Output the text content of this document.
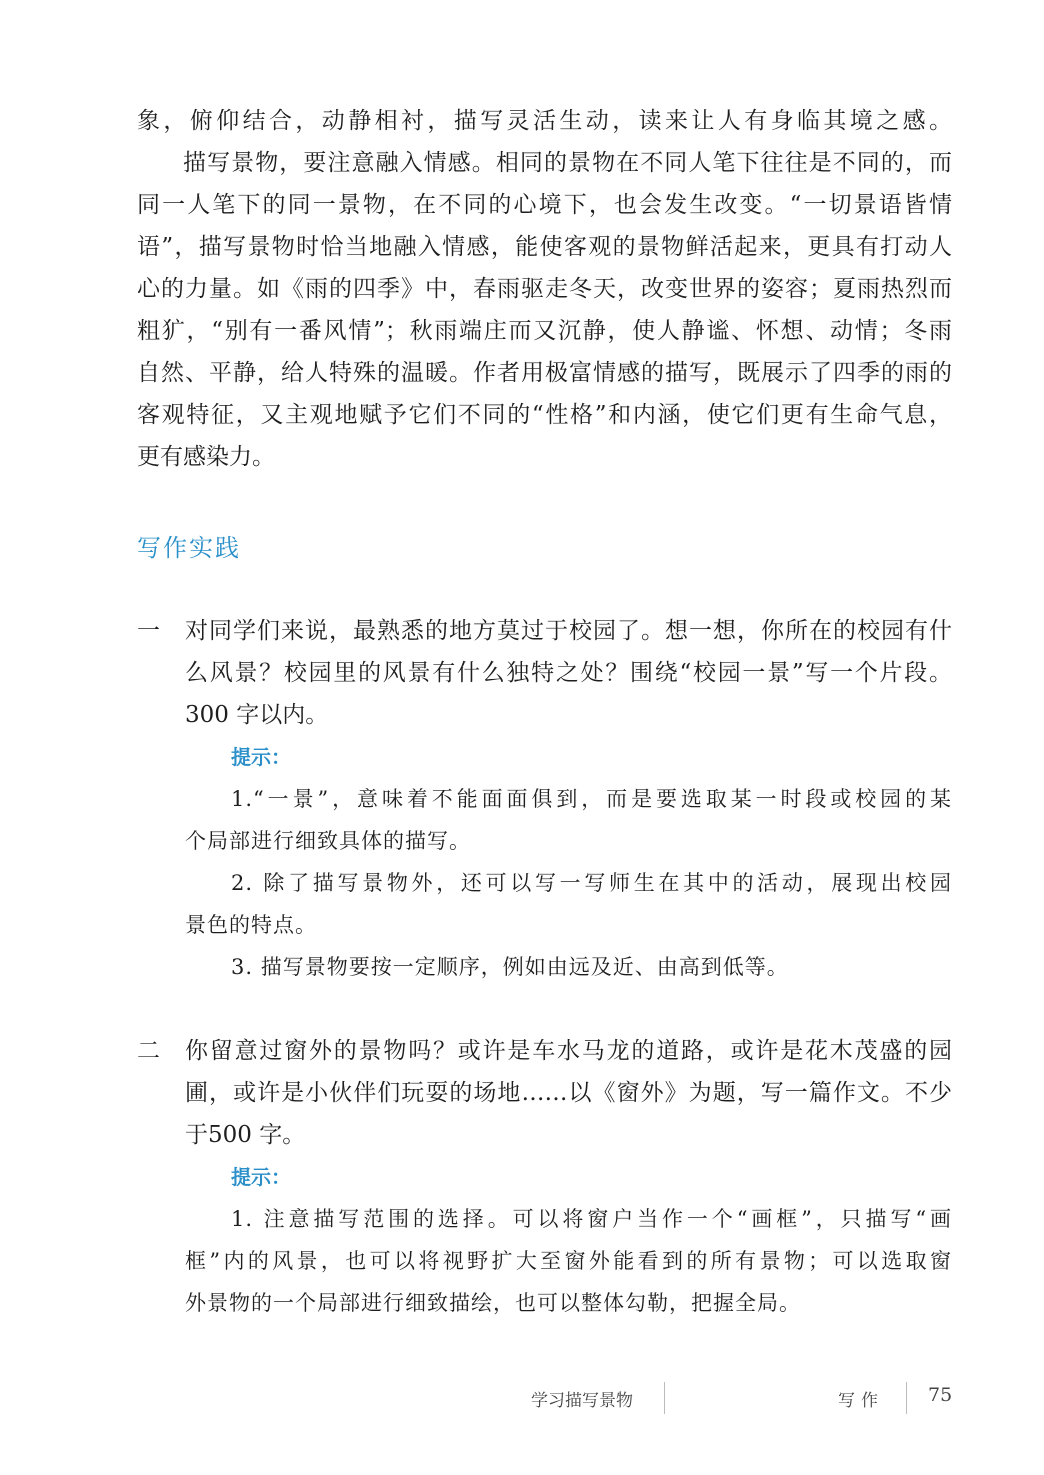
象，俯仰结合，动静相衬，描写灵活生动，读来让人有身临其境之感。
描写景物，要注意融入情感。相同的景物在不同人笔下往往是不同的，而
同一人笔下的同一景物，在不同的心境下，也会发生改变。“一切景语皆情
语”，描写景物时恰当地融入情感，能使客观的景物鲜活起来，更具有打动人
心的力量。如《雨的四季》中，春雨驱走冬天，改变世界的姿容；夏雨热烈而
粗犷，“别有一番风情”；秋雨端庄而又沉静，使人静谧、怀想、动情；冬雨
自然、平静，给人特殊的温暖。作者用极富情感的描写，既展示了四季的雨的
客观特征，又主观地赋予它们不同的“性格”和内涵，使它们更有生命气息，
更有感染力。
写作实践
一 对同学们来说，最熟悉的地方莫过于校园了。想一想，你所在的校园有什
么风景？校园里的风景有什么独特之处？围绕“校园一景”写一个片段。
300 字以内。
提示：
1.“一景”，意味着不能面面俱到，而是要选取某一时段或校园的某
个局部进行细致具体的描写。
2. 除了描写景物外，还可以写一写师生在其中的活动，展现出校园
景色的特点。
3. 描写景物要按一定顺序，例如由远及近、由高到低等。
二 你留意过窗外的景物吗？或许是车水马龙的道路，或许是花木茂盛的园
圃，或许是小伙伴们玩耍的场地……以《窗外》为题，写一篇作文。不少
于500 字。
提示：
1. 注意描写范围的选择。可以将窗户当作一个“画框”，只描写“画
框”内的风景，也可以将视野扩大至窗外能看到的所有景物；可以选取窗
外景物的一个局部进行细致描绘，也可以整体勾勒，把握全局。
学习描写景物	写作 75
